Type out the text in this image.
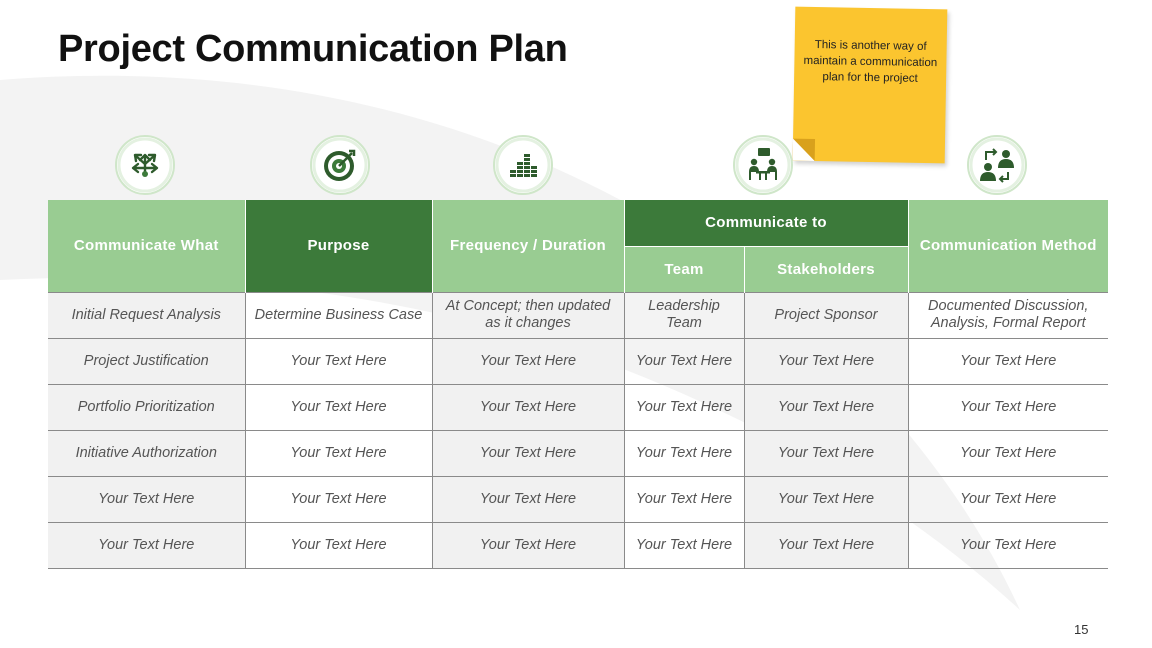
Project Communication Plan	This is another way of maintain a communication plan for the project
Communicate What	Purpose	Frequency / Duration	Communicate to		Communication Method
			Team	Stakeholders	
Initial Request Analysis	Determine Business Case	At Concept; then updated as it changes	Leadership Team	Project Sponsor	Documented Discussion, Analysis, Formal Report
Project Justification	Your Text Here	Your Text Here	Your Text Here	Your Text Here	Your Text Here
Portfolio Prioritization	Your Text Here	Your Text Here	Your Text Here	Your Text Here	Your Text Here
Initiative Authorization	Your Text Here	Your Text Here	Your Text Here	Your Text Here	Your Text Here
Your Text Here	Your Text Here	Your Text Here	Your Text Here	Your Text Here	Your Text Here
Your Text Here	Your Text Here	Your Text Here	Your Text Here	Your Text Here	Your Text Here
15
